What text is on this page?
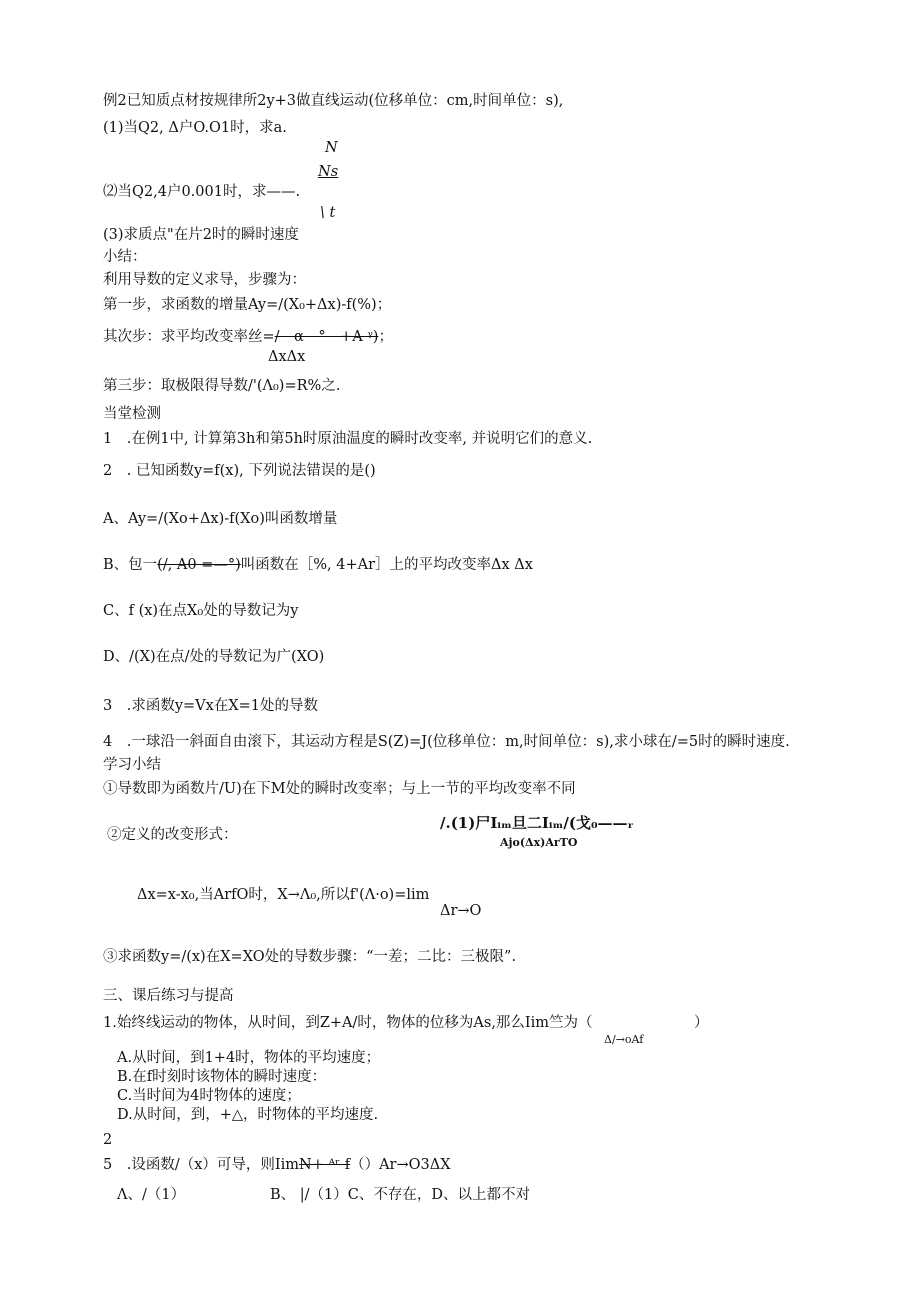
例2已知质点材按规律所2y+3做直线运动(位移单位：cm,时间单位：s),
(1)当Q2, Δ户O.O1时，求a.
N
Ns
⑵当Q2,4户0.001时，求——.
\ t
(3)求质点"在片2时的瞬时速度
小结：
利用导数的定义求导，步骤为：
第一步，求函数的增量Ay=/(X₀+Δx)-f(%)；
其次步：求平均改变率丝=/　α　°　+A ᵞ)；
ΔxΔx
第三步：取极限得导数/'(Λ₀)=R%之.
当堂检测
1　.在例1中, 计算第3h和第5h时原油温度的瞬时改变率, 并说明它们的意义.
2　. 已知函数y=f(x), 下列说法错误的是()
A、Ay=/(Xo+Δx)-f(Xo)叫函数增量
B、包一(/, A0 =—°)叫函数在［%, 4+Ar］上的平均改变率Δx Δx
C、f (x)在点X₀处的导数记为y
D、/(X)在点/处的导数记为广(XO)
3　.求函数y=Vx在X=1处的导数
4　.一球沿一斜面自由滚下，其运动方程是S(Z)=J(位移单位：m,时间单位：s),求小球在/=5时的瞬时速度.
学习小结
①导数即为函数片/U)在下M处的瞬时改变率；与上一节的平均改变率不同
②定义的改变形式：
/.(1)尸Iᵢₘ旦二Iᵢₘ/(戈₀——ᵣ
Ajo(Δx)ArTO
Δx=x-x₀,当ArfO时，X→Λ₀,所以f'(Λ·o)=lim
Δr→O
③求函数y=/(x)在X=XO处的导数步骤：“一差；二比：三极限”.
三、课后练习与提高
1.始终线运动的物体，从时间，到Z+A/时，物体的位移为As,那么Iim竺为（　　　　　　　）
Δ/→oAf
A.从时间，到1+4时，物体的平均速度；
B.在f时刻时该物体的瞬时速度：
C.当时间为4时物体的速度；
D.从时间，到，+△，时物体的平均速度.
2
5　.设函数/（x）可导，则IimN+ ᴬʳ f（）Ar→O3ΔX
Λ、/（1）	B、 |/（1）C、不存在，D、以上都不对
